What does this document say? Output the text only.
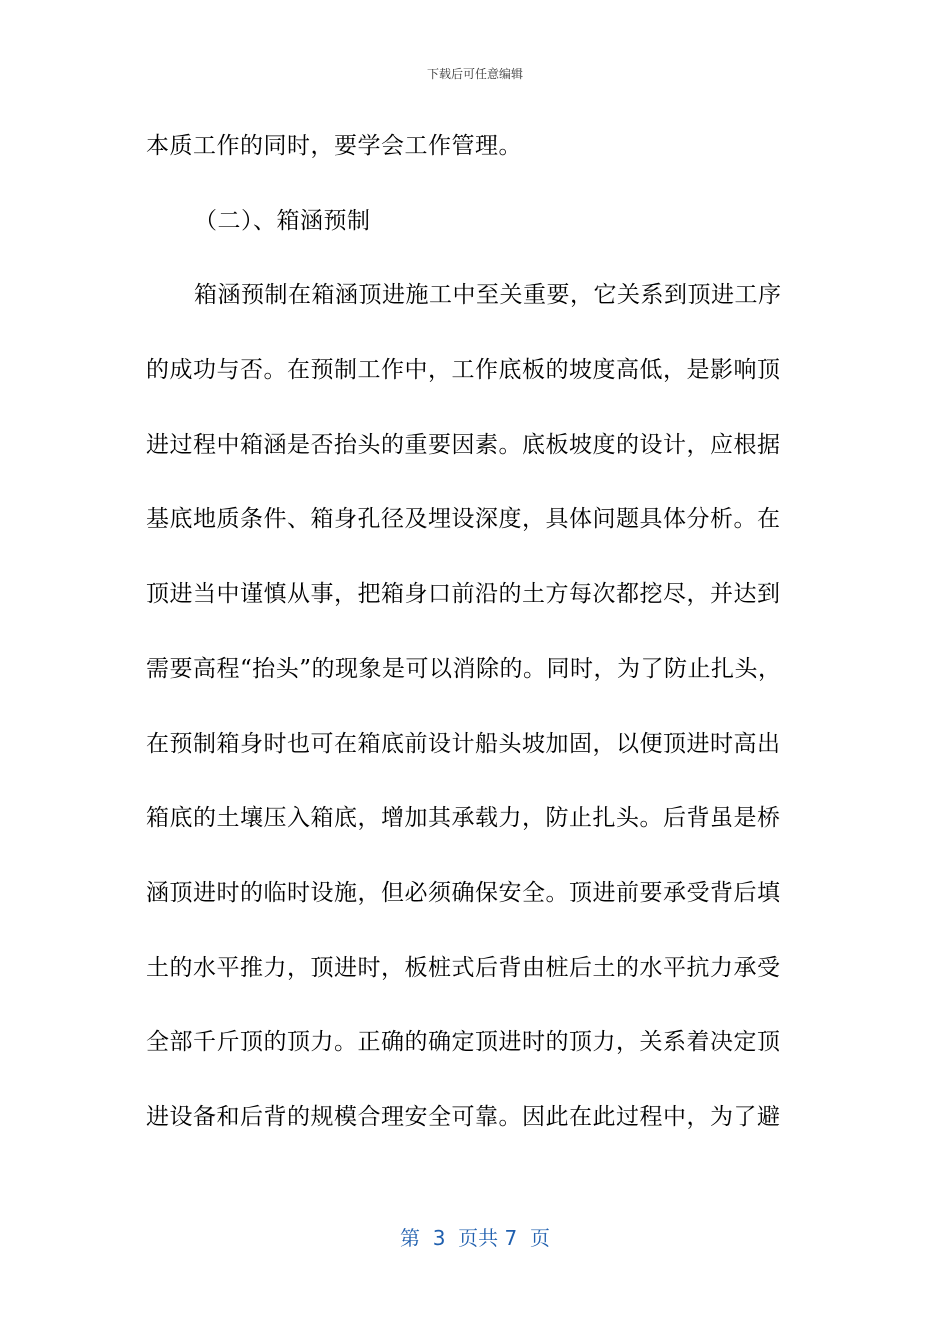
下载后可任意编辑
本质工作的同时，要学会工作管理。
（二）、箱涵预制
箱涵预制在箱涵顶进施工中至关重要，它关系到顶进工序
的成功与否。在预制工作中，工作底板的坡度高低，是影响顶
进过程中箱涵是否抬头的重要因素。底板坡度的设计，应根据
基底地质条件、箱身孔径及埋设深度，具体问题具体分析。在
顶进当中谨慎从事，把箱身口前沿的土方每次都挖尽，并达到
需要高程“抬头”的现象是可以消除的。同时，为了防止扎头，
在预制箱身时也可在箱底前设计船头坡加固，以便顶进时高出
箱底的土壤压入箱底，增加其承载力，防止扎头。后背虽是桥
涵顶进时的临时设施，但必须确保安全。顶进前要承受背后填
土的水平推力，顶进时，板桩式后背由桩后土的水平抗力承受
全部千斤顶的顶力。正确的确定顶进时的顶力，关系着决定顶
进设备和后背的规模合理安全可靠。因此在此过程中，为了避
第  3  页共 7  页
